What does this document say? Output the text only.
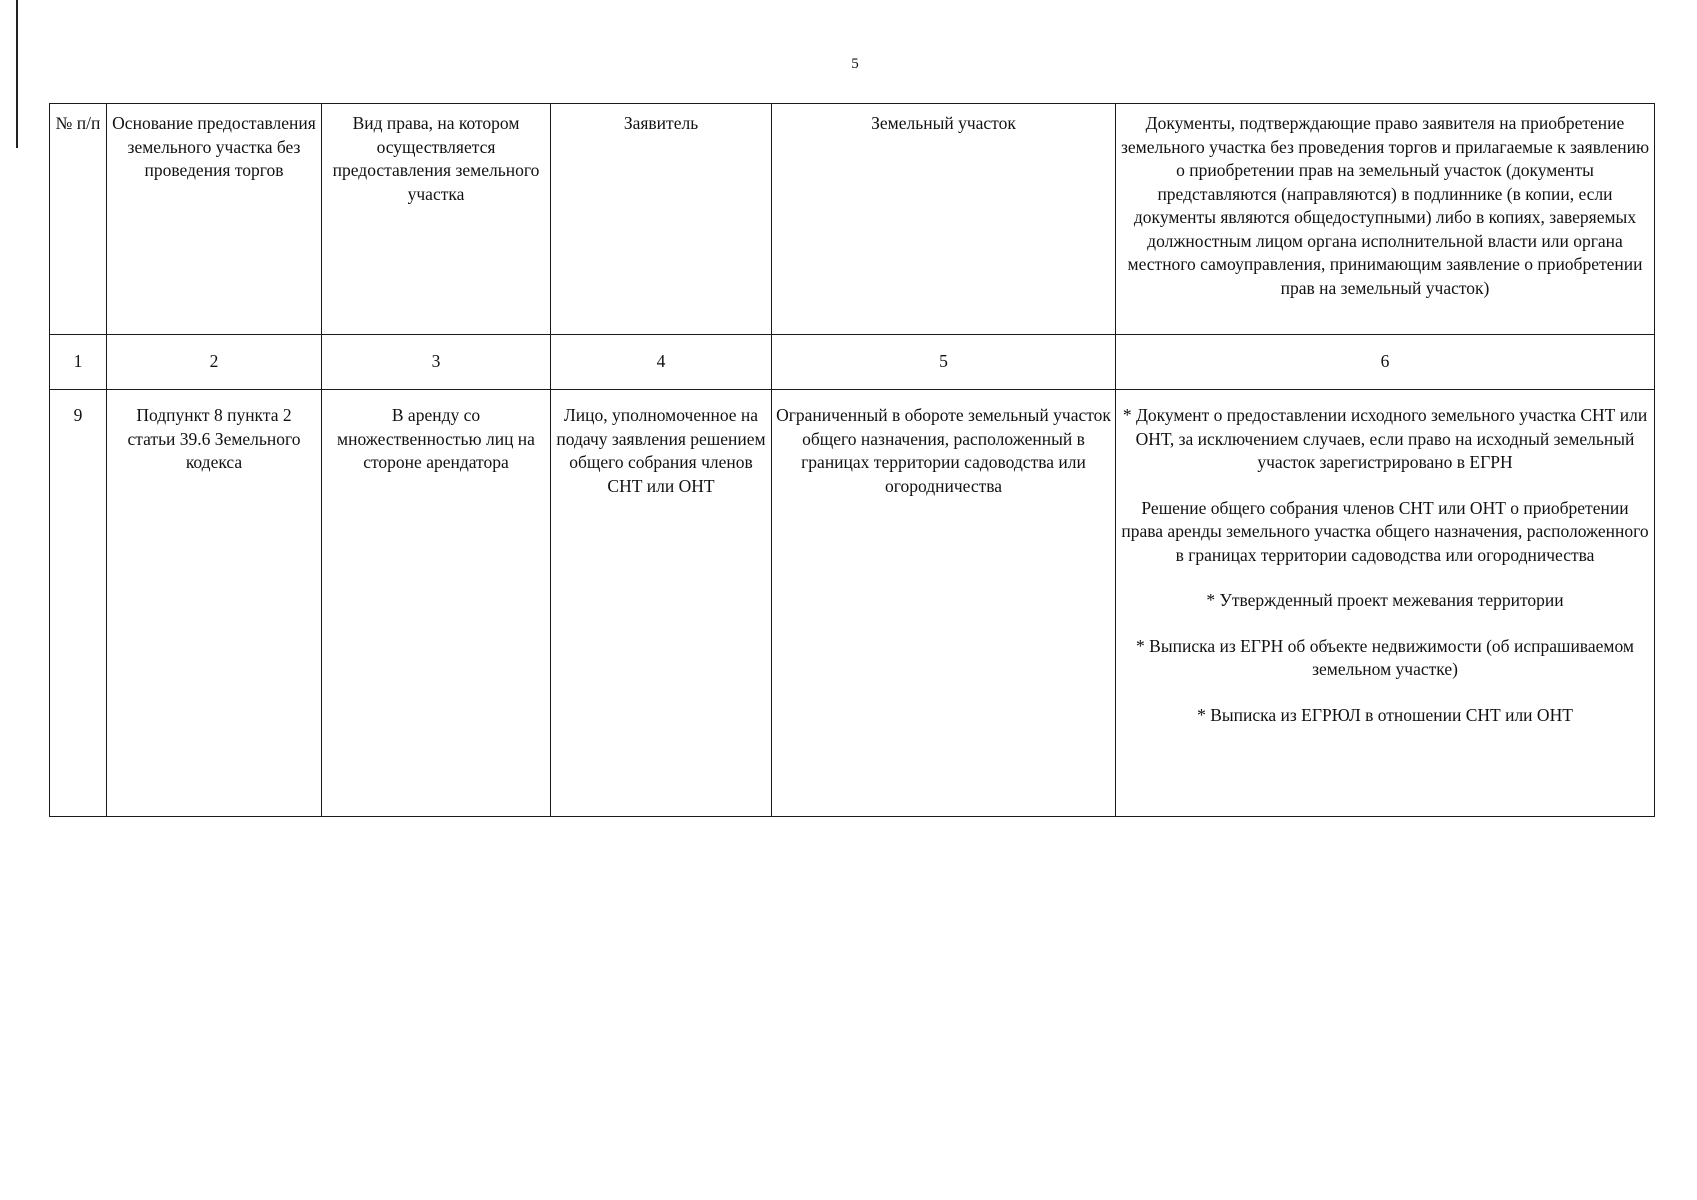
5
№ п/п	Основание предоставления земельного участка без проведения торгов	Вид права, на котором осуществляется предоставления земельного участка	Заявитель	Земельный участок	Документы, подтверждающие право заявителя на приобретение земельного участка без проведения торгов и прилагаемые к заявлению о приобретении прав на земельный участок (документы представляются (направляются) в подлиннике (в копии, если документы являются общедоступными) либо в копиях, заверяемых должностным лицом органа исполнительной власти или органа местного самоуправления, принимающим заявление о приобретении прав на земельный участок)
1	2	3	4	5	6
9	Подпункт 8 пункта 2 статьи 39.6 Земельного кодекса	В аренду со множественностью лиц на стороне арендатора	Лицо, уполномоченное на подачу заявления решением общего собрания членов СНТ или ОНТ	Ограниченный в обороте земельный участок общего назначения, расположенный в границах территории садоводства или огородничества	* Документ о предоставлении исходного земельного участка СНТ или ОНТ, за исключением случаев, если право на исходный земельный участок зарегистрировано в ЕГРН
Решение общего собрания членов СНТ или ОНТ о приобретении права аренды земельного участка общего назначения, расположенного в границах территории садоводства или огородничества
* Утвержденный проект межевания территории
* Выписка из ЕГРН об объекте недвижимости (об испрашиваемом земельном участке)
* Выписка из ЕГРЮЛ в отношении СНТ или ОНТ
